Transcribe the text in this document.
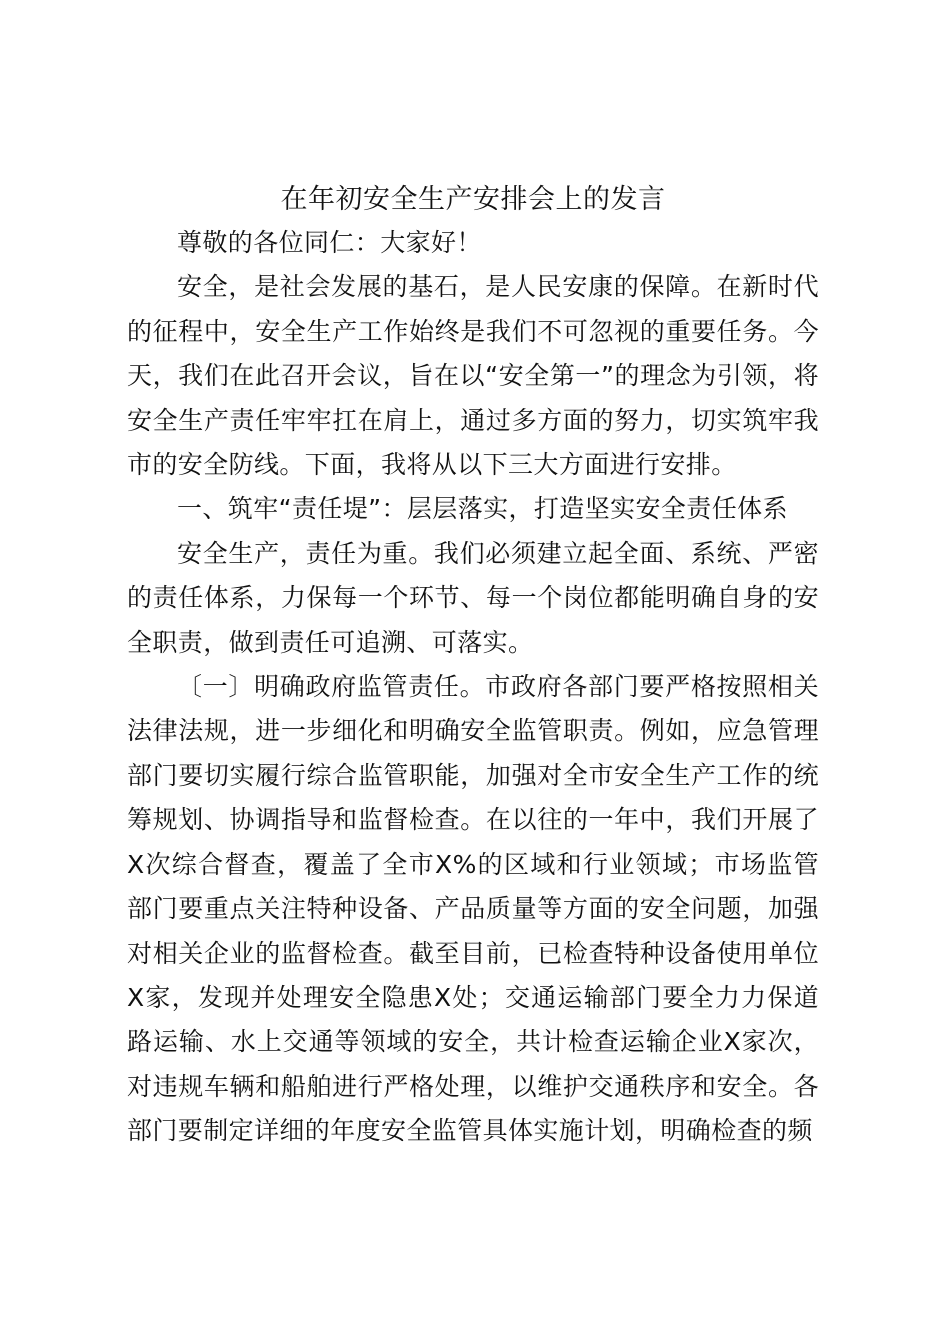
在年初安全生产安排会上的发言

尊敬的各位同仁：大家好！

安全，是社会发展的基石，是人民安康的保障。在新时代的征程中，安全生产工作始终是我们不可忽视的重要任务。今天，我们在此召开会议，旨在以“安全第一”的理念为引领，将安全生产责任牢牢扛在肩上，通过多方面的努力，切实筑牢我市的安全防线。下面，我将从以下三大方面进行安排。

一、筑牢“责任堤”：层层落实，打造坚实安全责任体系

安全生产，责任为重。我们必须建立起全面、系统、严密的责任体系，力保每一个环节、每一个岗位都能明确自身的安全职责，做到责任可追溯、可落实。

〔一〕明确政府监管责任。市政府各部门要严格按照相关法律法规，进一步细化和明确安全监管职责。例如，应急管理部门要切实履行综合监管职能，加强对全市安全生产工作的统筹规划、协调指导和监督检查。在以往的一年中，我们开展了X次综合督查，覆盖了全市X%的区域和行业领域；市场监管部门要重点关注特种设备、产品质量等方面的安全问题，加强对相关企业的监督检查。截至目前，已检查特种设备使用单位X家，发现并处理安全隐患X处；交通运输部门要全力力保道路运输、水上交通等领域的安全，共计检查运输企业X家次，对违规车辆和船舶进行严格处理，以维护交通秩序和安全。各部门要制定详细的年度安全监管具体实施计划，明确检查的频
